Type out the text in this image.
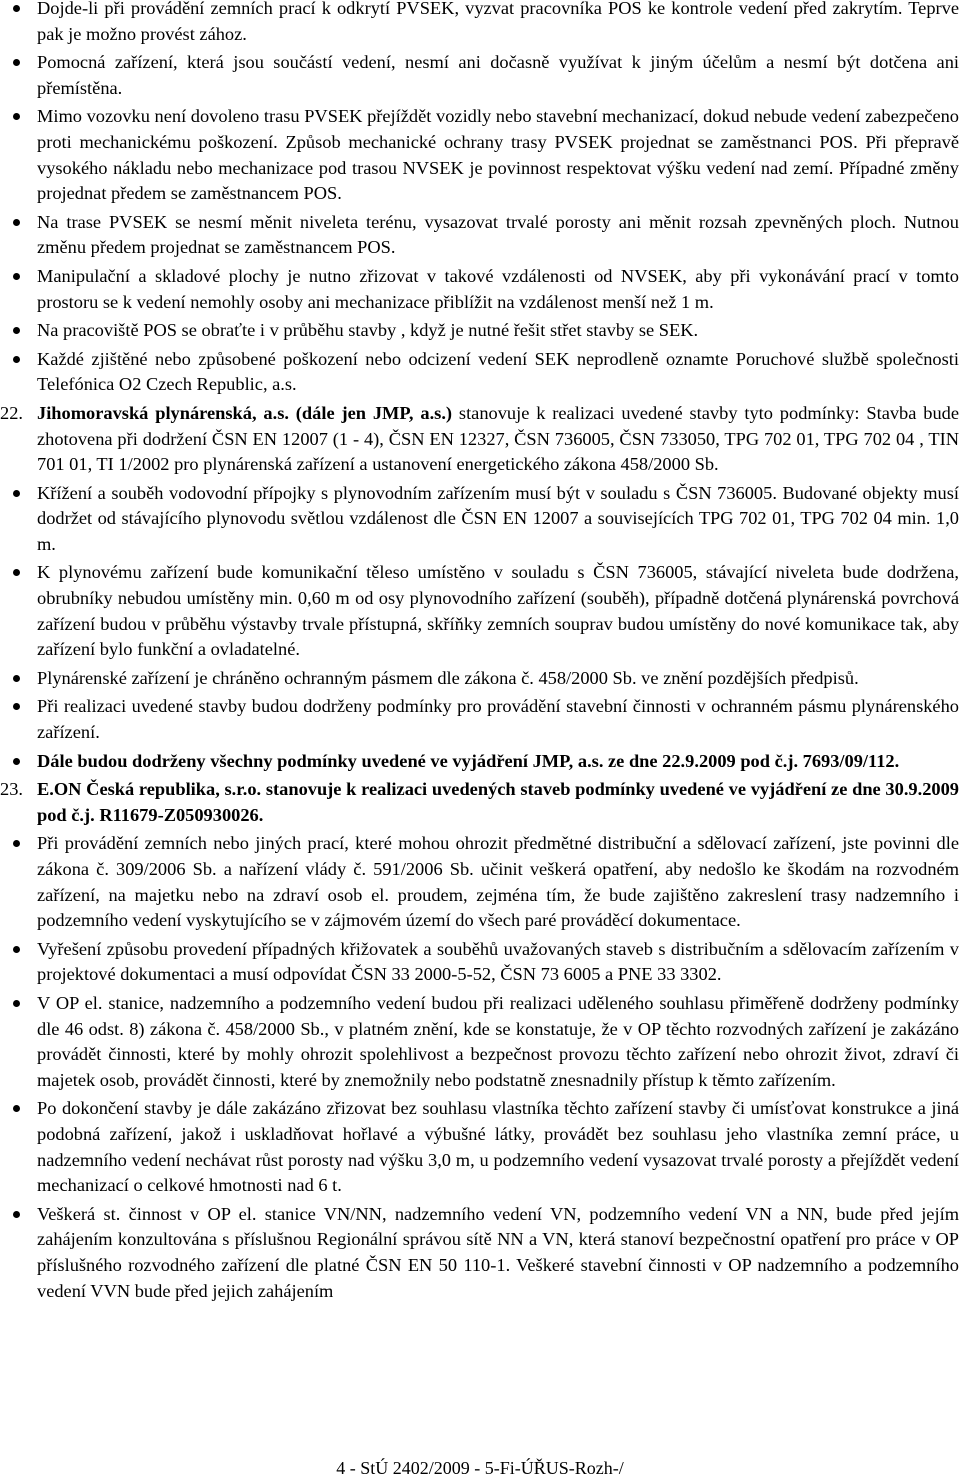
Dojde-li při provádění zemních prací k odkrytí PVSEK, vyzvat pracovníka POS ke kontrole vedení před zakrytím. Teprve pak je možno provést zához.
Pomocná zařízení, která jsou součástí vedení, nesmí ani dočasně využívat k jiným účelům a nesmí být dotčena ani přemístěna.
Mimo vozovku není dovoleno trasu PVSEK přejíždět vozidly nebo stavební mechanizací, dokud nebude vedení zabezpečeno proti mechanickému poškození. Způsob mechanické ochrany trasy PVSEK projednat se zaměstnanci POS. Při přepravě vysokého nákladu nebo mechanizace pod trasou NVSEK je povinnost respektovat výšku vedení nad zemí. Případné změny projednat předem se zaměstnancem POS.
Na trase PVSEK se nesmí měnit niveleta terénu, vysazovat trvalé porosty ani měnit rozsah zpevněných ploch. Nutnou změnu předem projednat se zaměstnancem POS.
Manipulační a skladové plochy je nutno zřizovat v takové vzdálenosti od NVSEK, aby při vykonávání prací v tomto prostoru se k vedení nemohly osoby ani mechanizace přiblížit na vzdálenost menší než 1 m.
Na pracoviště POS se obraťte i v průběhu stavby , když je nutné řešit střet stavby se SEK.
Každé zjištěné nebo způsobené poškození nebo odcizení vedení SEK neprodleně oznamte Poruchové službě společnosti Telefónica O2 Czech Republic, a.s.
22. Jihomoravská plynárenská, a.s. (dále jen JMP, a.s.) stanovuje k realizaci uvedené stavby tyto podmínky: Stavba bude zhotovena při dodržení ČSN EN 12007 (1 - 4), ČSN EN 12327, ČSN 736005, ČSN 733050, TPG 702 01, TPG 702 04 , TIN 701 01, TI 1/2002 pro plynárenská zařízení a ustanovení energetického zákona 458/2000 Sb.
Křížení a souběh vodovodní přípojky s plynovodním zařízením musí být v souladu s ČSN 736005. Budované objekty musí dodržet od stávajícího plynovodu světlou vzdálenost dle ČSN EN 12007 a souvisejících TPG 702 01, TPG 702 04 min. 1,0 m.
K plynovému zařízení bude komunikační těleso umístěno v souladu s ČSN 736005, stávající niveleta bude dodržena, obrubníky nebudou umístěny min. 0,60 m od osy plynovodního zařízení (souběh), případně dotčená plynárenská povrchová zařízení budou v průběhu výstavby trvale přístupná, skříňky zemních souprav budou umístěny do nové komunikace tak, aby zařízení bylo funkční a ovladatelné.
Plynárenské zařízení je chráněno ochranným pásmem dle zákona č. 458/2000 Sb. ve znění pozdějších předpisů.
Při realizaci uvedené stavby budou dodrženy podmínky pro provádění stavební činnosti v ochranném pásmu plynárenského zařízení.
Dále budou dodrženy všechny podmínky uvedené ve vyjádření JMP, a.s. ze dne 22.9.2009 pod č.j. 7693/09/112.
23. E.ON Česká republika, s.r.o. stanovuje k realizaci uvedených staveb podmínky uvedené ve vyjádření ze dne 30.9.2009 pod č.j. R11679-Z050930026.
Při provádění zemních nebo jiných prací, které mohou ohrozit předmětné distribuční a sdělovací zařízení, jste povinni dle zákona č. 309/2006 Sb. a nařízení vlády č. 591/2006 Sb. učinit veškerá opatření, aby nedošlo ke škodám na rozvodném zařízení, na majetku nebo na zdraví osob el. proudem, zejména tím, že bude zajištěno zakreslení trasy nadzemního i podzemního vedení vyskytujícího se v zájmovém území do všech paré prováděcí dokumentace.
Vyřešení způsobu provedení případných křižovatek a souběhů uvažovaných staveb s distribučním a sdělovacím zařízením v projektové dokumentaci a musí odpovídat ČSN 33 2000-5-52, ČSN 73 6005 a PNE 33 3302.
V OP el. stanice, nadzemního a podzemního vedení budou při realizaci uděleného souhlasu přiměřeně dodrženy podmínky dle 46 odst. 8) zákona č. 458/2000 Sb., v platném znění, kde se konstatuje, že v OP těchto rozvodných zařízení je zakázáno provádět činnosti, které by mohly ohrozit spolehlivost a bezpečnost provozu těchto zařízení nebo ohrozit život, zdraví či majetek osob, provádět činnosti, které by znemožnily nebo podstatně znesnadnily přístup k těmto zařízením.
Po dokončení stavby je dále zakázáno zřizovat bez souhlasu vlastníka těchto zařízení stavby či umísťovat konstrukce a jiná podobná zařízení, jakož i uskladňovat hořlavé a výbušné látky, provádět bez souhlasu jeho vlastníka zemní práce, u nadzemního vedení nechávat růst porosty nad výšku 3,0 m, u podzemního vedení vysazovat trvalé porosty a přejíždět vedení mechanizací o celkové hmotnosti nad 6 t.
Veškerá st. činnost v OP el. stanice VN/NN, nadzemního vedení VN, podzemního vedení VN a NN, bude před jejím zahájením konzultována s příslušnou Regionální správou sítě NN a VN, která stanoví bezpečnostní opatření pro práce v OP příslušného rozvodného zařízení dle platné ČSN EN 50 110-1. Veškeré stavební činnosti v OP nadzemního a podzemního vedení VVN bude před jejich zahájením
4 - StÚ 2402/2009 - 5-Fi-ÚŘUS-Rozh-/
